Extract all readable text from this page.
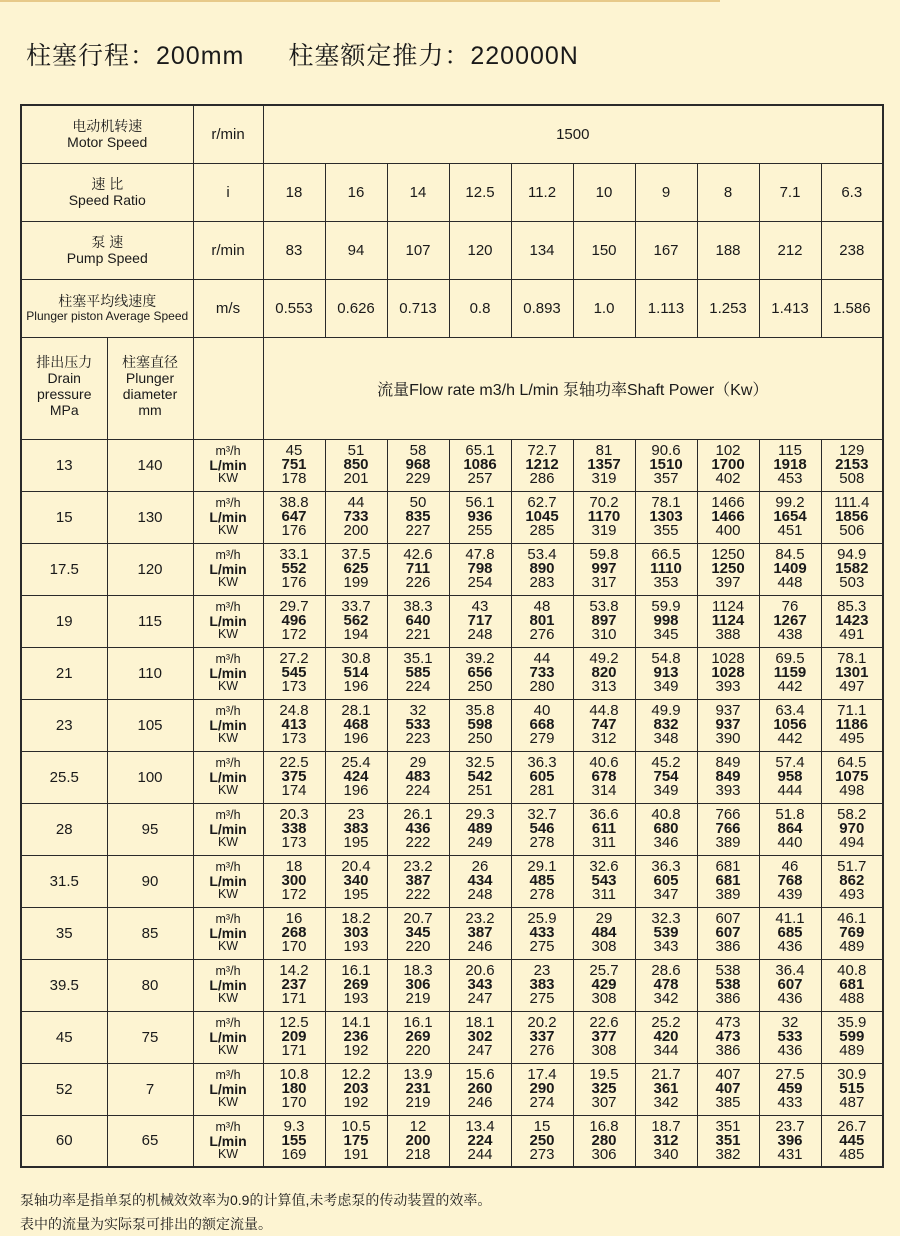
柱塞行程：200mm 柱塞额定推力：220000N
电动机转速
Motor Speed		r/min	1500									

速 比
Speed Ratio		i	18	16	14	12.5	11.2	10	9	8	7.1	6.3

泵 速
Pump Speed		r/min	83	94	107	120	134	150	167	188	212	238

柱塞平均线速度
Plunger piston Average Speed		m/s	0.553	0.626	0.713	0.8	0.893	1.0	1.113	1.253	1.413	1.586

排出压力
Drain
pressure
MPa	柱塞直径
Plunger
diameter
mm		流量Flow rate m3/h L/min 泵轴功率Shaft Power（Kw）									
13	140	m³/h
L/min
KW	45
751
178	51
850
201	58
968
229	65.1
1086
257	72.7
1212
286	81
1357
319	90.6
1510
357	102
1700
402	115
1918
453	129
2153
508

15	130	m³/h
L/min
KW	38.8
647
176	44
733
200	50
835
227	56.1
936
255	62.7
1045
285	70.2
1170
319	78.1
1303
355	1466
1466
400	99.2
1654
451	111.4
1856
506

17.5	120	m³/h
L/min
KW	33.1
552
176	37.5
625
199	42.6
711
226	47.8
798
254	53.4
890
283	59.8
997
317	66.5
1110
353	1250
1250
397	84.5
1409
448	94.9
1582
503

19	115	m³/h
L/min
KW	29.7
496
172	33.7
562
194	38.3
640
221	43
717
248	48
801
276	53.8
897
310	59.9
998
345	1124
1124
388	76
1267
438	85.3
1423
491

21	110	m³/h
L/min
KW	27.2
545
173	30.8
514
196	35.1
585
224	39.2
656
250	44
733
280	49.2
820
313	54.8
913
349	1028
1028
393	69.5
1159
442	78.1
1301
497

23	105	m³/h
L/min
KW	24.8
413
173	28.1
468
196	32
533
223	35.8
598
250	40
668
279	44.8
747
312	49.9
832
348	937
937
390	63.4
1056
442	71.1
1186
495

25.5	100	m³/h
L/min
KW	22.5
375
174	25.4
424
196	29
483
224	32.5
542
251	36.3
605
281	40.6
678
314	45.2
754
349	849
849
393	57.4
958
444	64.5
1075
498

28	95	m³/h
L/min
KW	20.3
338
173	23
383
195	26.1
436
222	29.3
489
249	32.7
546
278	36.6
611
311	40.8
680
346	766
766
389	51.8
864
440	58.2
970
494

31.5	90	m³/h
L/min
KW	18
300
172	20.4
340
195	23.2
387
222	26
434
248	29.1
485
278	32.6
543
311	36.3
605
347	681
681
389	46
768
439	51.7
862
493

35	85	m³/h
L/min
KW	16
268
170	18.2
303
193	20.7
345
220	23.2
387
246	25.9
433
275	29
484
308	32.3
539
343	607
607
386	41.1
685
436	46.1
769
489

39.5	80	m³/h
L/min
KW	14.2
237
171	16.1
269
193	18.3
306
219	20.6
343
247	23
383
275	25.7
429
308	28.6
478
342	538
538
386	36.4
607
436	40.8
681
488

45	75	m³/h
L/min
KW	12.5
209
171	14.1
236
192	16.1
269
220	18.1
302
247	20.2
337
276	22.6
377
308	25.2
420
344	473
473
386	32
533
436	35.9
599
489

52	7	m³/h
L/min
KW	10.8
180
170	12.2
203
192	13.9
231
219	15.6
260
246	17.4
290
274	19.5
325
307	21.7
361
342	407
407
385	27.5
459
433	30.9
515
487

60	65	m³/h
L/min
KW	9.3
155
169	10.5
175
191	12
200
218	13.4
224
244	15
250
273	16.8
280
306	18.7
312
340	351
351
382	23.7
396
431	26.7
445
485
泵轴功率是指单泵的机械效效率为0.9的计算值,未考虑泵的传动装置的效率。
表中的流量为实际泵可排出的额定流量。
